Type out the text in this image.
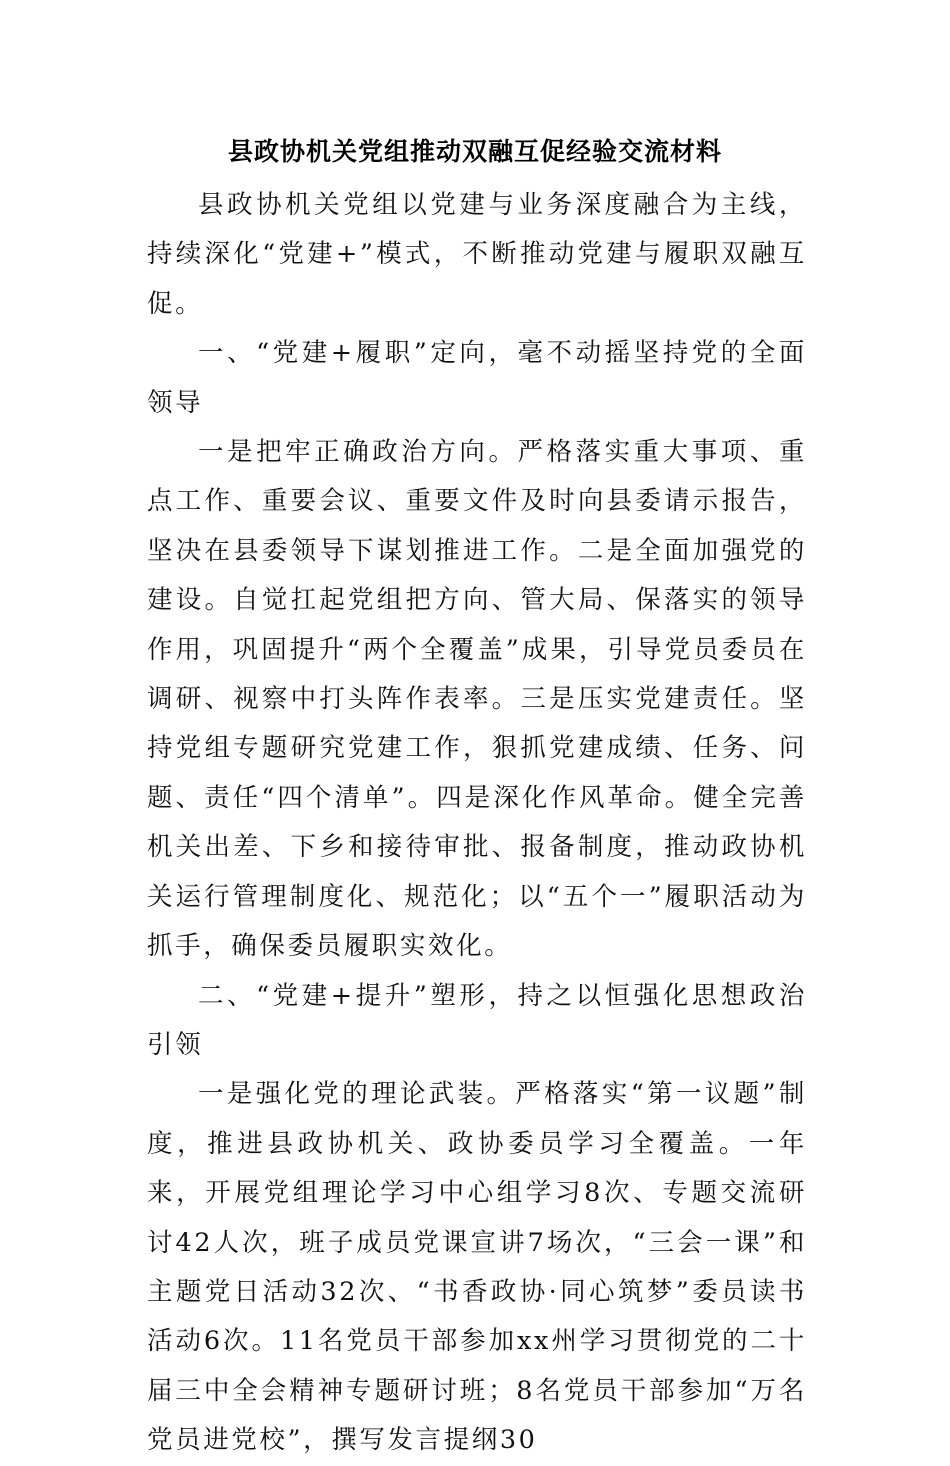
县政协机关党组推动双融互促经验交流材料

县政协机关党组以党建与业务深度融合为主线，持续深化“党建+”模式，不断推动党建与履职双融互促。

一、“党建+履职”定向，毫不动摇坚持党的全面领导

一是把牢正确政治方向。严格落实重大事项、重点工作、重要会议、重要文件及时向县委请示报告，坚决在县委领导下谋划推进工作。二是全面加强党的建设。自觉扛起党组把方向、管大局、保落实的领导作用，巩固提升“两个全覆盖”成果，引导党员委员在调研、视察中打头阵作表率。三是压实党建责任。坚持党组专题研究党建工作，狠抓党建成绩、任务、问题、责任“四个清单”。四是深化作风革命。健全完善机关出差、下乡和接待审批、报备制度，推动政协机关运行管理制度化、规范化；以“五个一”履职活动为抓手，确保委员履职实效化。

二、“党建+提升”塑形，持之以恒强化思想政治引领

一是强化党的理论武装。严格落实“第一议题”制度，推进县政协机关、政协委员学习全覆盖。一年来，开展党组理论学习中心组学习8次、专题交流研讨42人次，班子成员党课宣讲7场次，“三会一课”和主题党日活动32次、“书香政协·同心筑梦”委员读书活动6次。11名党员干部参加xx州学习贯彻党的二十届三中全会精神专题研讨班；8名党员干部参加“万名党员进党校”，撰写发言提纲30
